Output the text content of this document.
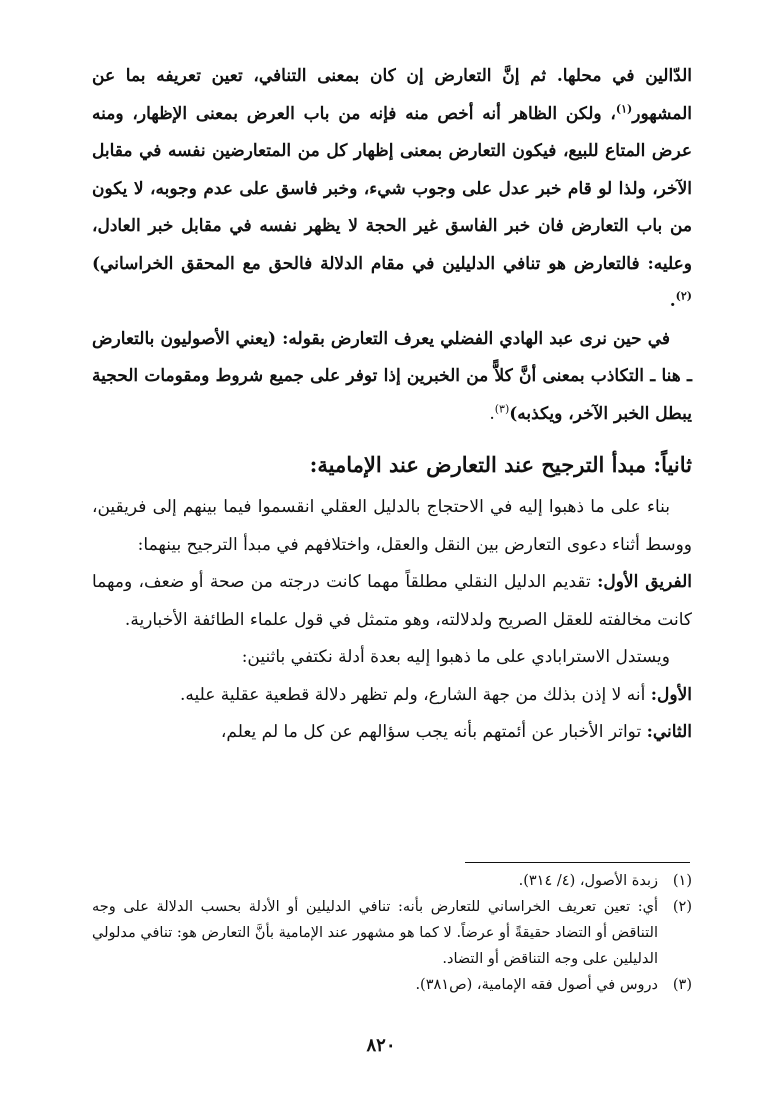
الدّالين في محلها. ثم إنَّ التعارض إن كان بمعنى التنافي، تعين تعريفه بما عن المشهور$^{(١)}$، ولكن الظاهر أنه أخص منه فإنه من باب العرض بمعنى الإظهار، ومنه عرض المتاع للبيع، فيكون التعارض بمعنى إظهار كل من المتعارضين نفسه في مقابل الآخر، ولذا لو قام خبر عدل على وجوب شيء، وخبر فاسق على عدم وجوبه، لا يكون من باب التعارض فان خبر الفاسق غير الحجة لا يظهر نفسه في مقابل خبر العادل، وعليه: فالتعارض هو تنافي الدليلين في مقام الدلالة فالحق مع المحقق الخراساني)$^{(٢)}$.

في حين نرى عبد الهادي الفضلي يعرف التعارض بقوله: (يعني الأصوليون بالتعارض ـ هنا ـ التكاذب بمعنى أنَّ كلاًّ من الخبرين إذا توفر على جميع شروط ومقومات الحجية يبطل الخبر الآخر، ويكذبه)$^{(٣)}$.

ثانياً: مبدأ الترجيح عند التعارض عند الإمامية:

بناء على ما ذهبوا إليه في الاحتجاج بالدليل العقلي انقسموا فيما بينهم إلى فريقين، ووسط أثناء دعوى التعارض بين النقل والعقل، واختلافهم في مبدأ الترجيح بينهما:

الفريق الأول: تقديم الدليل النقلي مطلقاً مهما كانت درجته من صحة أو ضعف، ومهما كانت مخالفته للعقل الصريح ولدلالته، وهو متمثل في قول علماء الطائفة الأخبارية.

ويستدل الاسترابادي على ما ذهبوا إليه بعدة أدلة نكتفي باثنين:

الأول: أنه لا إذن بذلك من جهة الشارع، ولم تظهر دلالة قطعية عقلية عليه.

الثاني: تواتر الأخبار عن أئمتهم بأنه يجب سؤالهم عن كل ما لم يعلم،

(١)
زبدة الأصول، (٤/ ٣١٤).
(٢)
أي: تعين تعريف الخراساني للتعارض بأنه: تنافي الدليلين أو الأدلة بحسب الدلالة على وجه التناقض أو التضاد حقيقةً أو عرضاً. لا كما هو مشهور عند الإمامية بأنَّ التعارض هو: تنافي مدلولي الدليلين على وجه التناقض أو التضاد.
(٣)
دروس في أصول فقه الإمامية، (ص٣٨١).
٨٢٠
